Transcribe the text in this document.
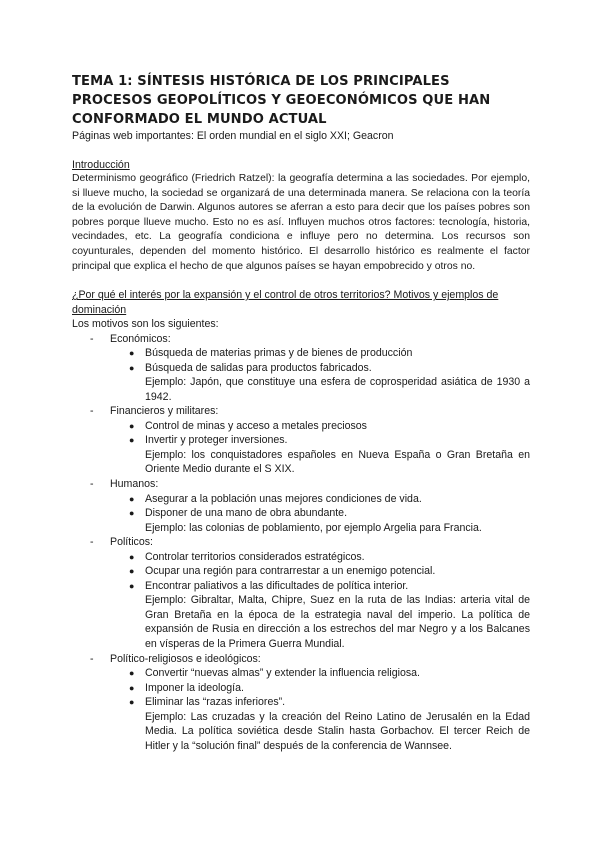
TEMA 1: SÍNTESIS HISTÓRICA DE LOS PRINCIPALES PROCESOS GEOPOLÍTICOS Y GEOECONÓMICOS QUE HAN CONFORMADO EL MUNDO ACTUAL

Páginas web importantes: El orden mundial en el siglo XXI; Geacron

Introducción

Determinismo geográfico (Friedrich Ratzel): la geografía determina a las sociedades. Por ejemplo, si llueve mucho, la sociedad se organizará de una determinada manera. Se relaciona con la teoría de la evolución de Darwin. Algunos autores se aferran a esto para decir que los países pobres son pobres porque llueve mucho. Esto no es así. Influyen muchos otros factores: tecnología, historia, vecindades, etc. La geografía condiciona e influye pero no determina. Los recursos son coyunturales, dependen del momento histórico. El desarrollo histórico es realmente el factor principal que explica el hecho de que algunos países se hayan empobrecido y otros no.

¿Por qué el interés por la expansión y el control de otros territorios? Motivos y ejemplos de dominación

Los motivos son los siguientes:

- Económicos:
● Búsqueda de materias primas y de bienes de producción
● Búsqueda de salidas para productos fabricados.
Ejemplo: Japón, que constituye una esfera de coprosperidad asiática de 1930 a 1942.
- Financieros y militares:
● Control de minas y acceso a metales preciosos
● Invertir y proteger inversiones.
Ejemplo: los conquistadores españoles en Nueva España o Gran Bretaña en Oriente Medio durante el S XIX.
- Humanos:
● Asegurar a la población unas mejores condiciones de vida.
● Disponer de una mano de obra abundante.
Ejemplo: las colonias de poblamiento, por ejemplo Argelia para Francia.
- Políticos:
● Controlar territorios considerados estratégicos.
● Ocupar una región para contrarrestar a un enemigo potencial.
● Encontrar paliativos a las dificultades de política interior.
Ejemplo: Gibraltar, Malta, Chipre, Suez en la ruta de las Indias: arteria vital de Gran Bretaña en la época de la estrategia naval del imperio. La política de expansión de Rusia en dirección a los estrechos del mar Negro y a los Balcanes en vísperas de la Primera Guerra Mundial.
- Político-religiosos e ideológicos:
● Convertir “nuevas almas” y extender la influencia religiosa.
● Imponer la ideología.
● Eliminar las “razas inferiores”.
Ejemplo: Las cruzadas y la creación del Reino Latino de Jerusalén en la Edad Media. La política soviética desde Stalin hasta Gorbachov. El tercer Reich de Hitler y la “solución final” después de la conferencia de Wannsee.
